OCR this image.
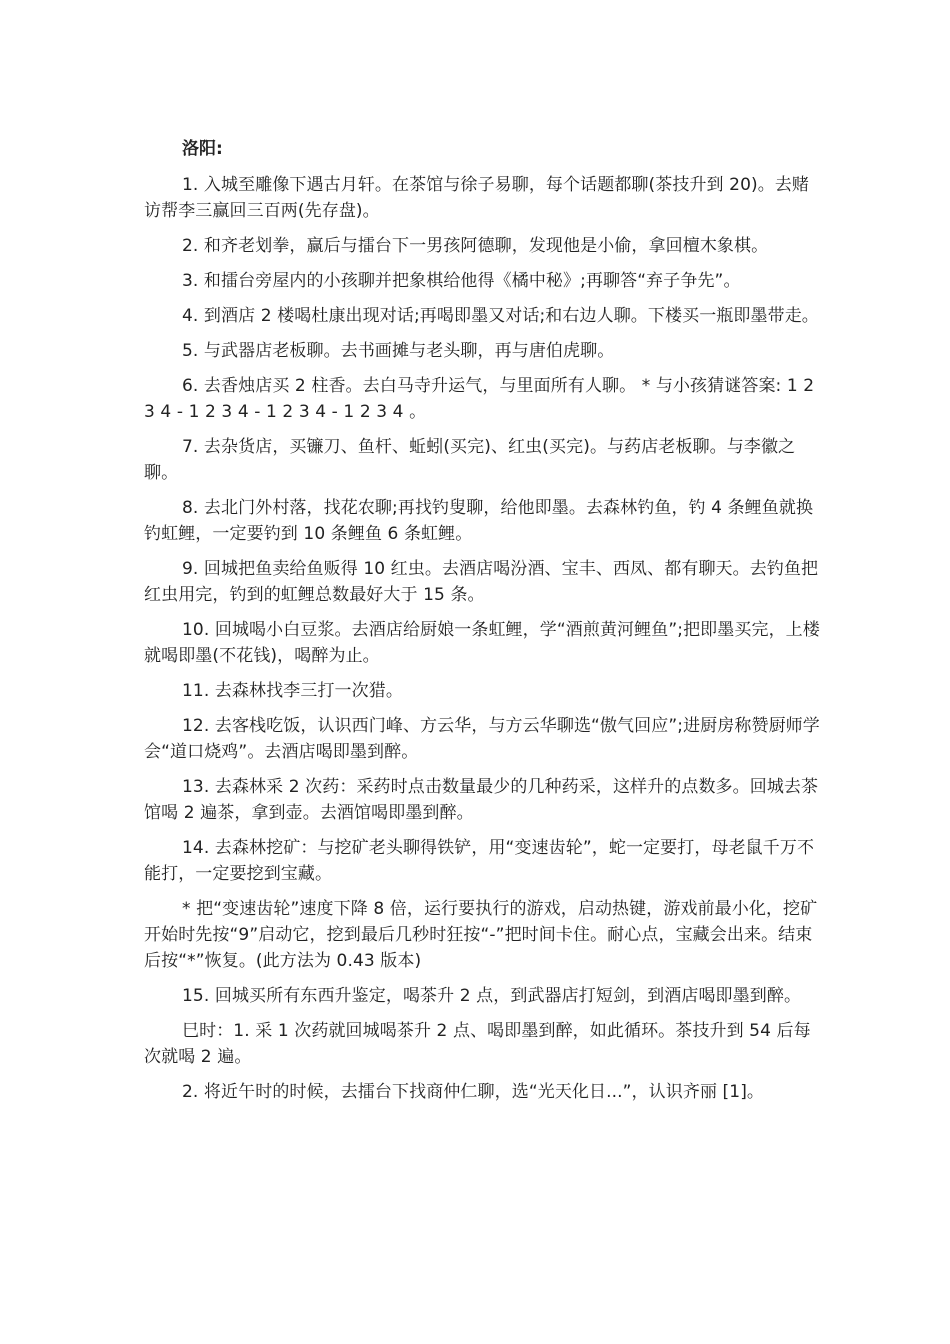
洛阳:

1. 入城至雕像下遇古月轩。在茶馆与徐子易聊，每个话题都聊(茶技升到 20)。去赌访帮李三赢回三百两(先存盘)。

2. 和齐老划拳，赢后与擂台下一男孩阿德聊，发现他是小偷，拿回檀木象棋。

3. 和擂台旁屋内的小孩聊并把象棋给他得《橘中秘》;再聊答“弃子争先”。

4. 到酒店 2 楼喝杜康出现对话;再喝即墨又对话;和右边人聊。下楼买一瓶即墨带走。

5. 与武器店老板聊。去书画摊与老头聊，再与唐伯虎聊。

6. 去香烛店买 2 柱香。去白马寺升运气，与里面所有人聊。 * 与小孩猜谜答案: 1 2 3 4 - 1 2 3 4 - 1 2 3 4 - 1 2 3 4 。

7. 去杂货店，买镰刀、鱼杆、蚯蚓(买完)、红虫(买完)。与药店老板聊。与李徽之聊。

8. 去北门外村落，找花农聊;再找钓叟聊，给他即墨。去森林钓鱼，钓 4 条鲤鱼就换钓虹鲤，一定要钓到 10 条鲤鱼 6 条虹鲤。

9. 回城把鱼卖给鱼贩得 10 红虫。去酒店喝汾酒、宝丰、西凤、都有聊天。去钓鱼把红虫用完，钓到的虹鲤总数最好大于 15 条。

10. 回城喝小白豆浆。去酒店给厨娘一条虹鲤，学“酒煎黄河鲤鱼”;把即墨买完，上楼就喝即墨(不花钱)，喝醉为止。

11. 去森林找李三打一次猎。

12. 去客栈吃饭，认识西门峰、方云华，与方云华聊选“傲气回应”;进厨房称赞厨师学会“道口烧鸡”。去酒店喝即墨到醉。

13. 去森林采 2 次药：采药时点击数量最少的几种药采，这样升的点数多。回城去茶馆喝 2 遍茶，拿到壶。去酒馆喝即墨到醉。

14. 去森林挖矿：与挖矿老头聊得铁铲，用“变速齿轮”，蛇一定要打，母老鼠千万不能打，一定要挖到宝藏。

* 把“变速齿轮”速度下降 8 倍，运行要执行的游戏，启动热键，游戏前最小化，挖矿开始时先按“9”启动它，挖到最后几秒时狂按“-”把时间卡住。耐心点，宝藏会出来。结束后按“*”恢复。(此方法为 0.43 版本)

15. 回城买所有东西升鉴定，喝茶升 2 点，到武器店打短剑，到酒店喝即墨到醉。

巳时：1. 采 1 次药就回城喝茶升 2 点、喝即墨到醉，如此循环。茶技升到 54 后每次就喝 2 遍。

2. 将近午时的时候，去擂台下找商仲仁聊，选“光天化日...”，认识齐丽 [1]。
